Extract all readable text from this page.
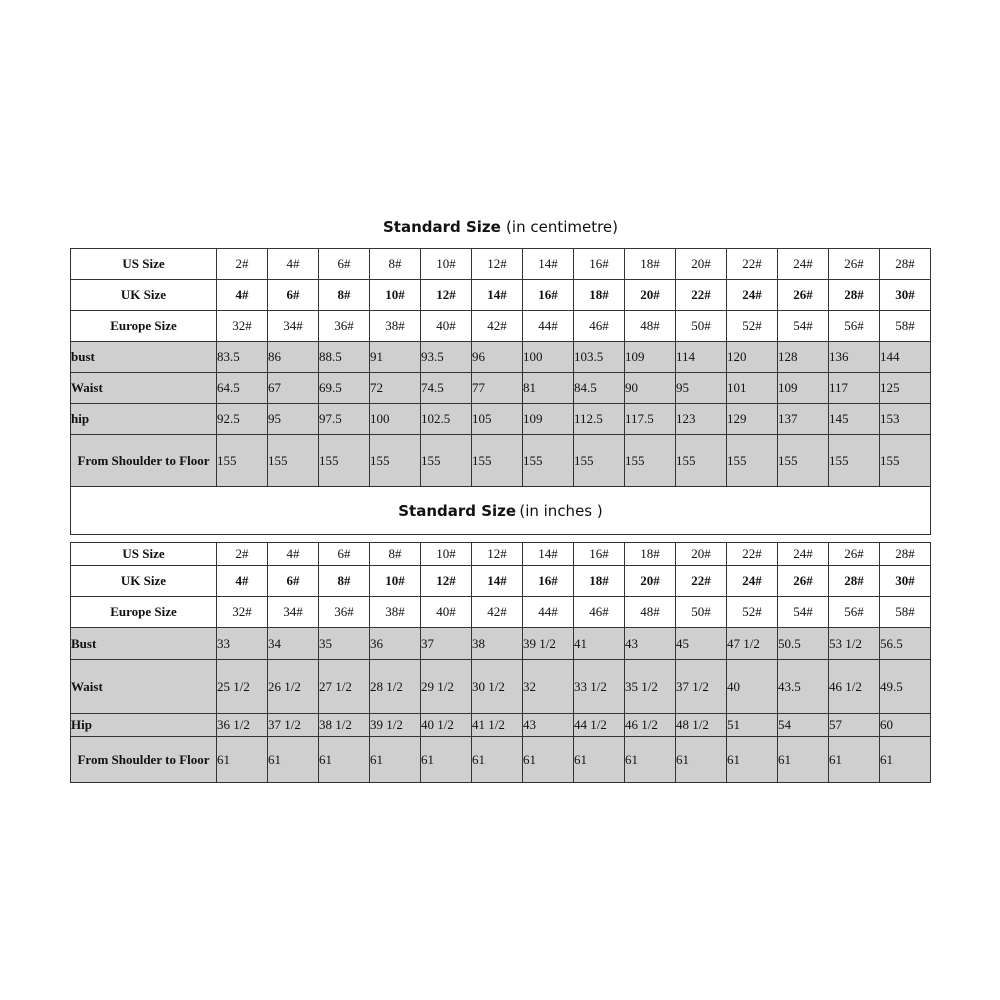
Standard Size (in centimetre)
US Size	2#	4#	6#	8#	10#	12#	14#	16#	18#	20#	22#	24#	26#	28#
UK Size	4#	6#	8#	10#	12#	14#	16#	18#	20#	22#	24#	26#	28#	30#
Europe Size	32#	34#	36#	38#	40#	42#	44#	46#	48#	50#	52#	54#	56#	58#
bust	83.5	86	88.5	91	93.5	96	100	103.5	109	114	120	128	136	144
Waist	64.5	67	69.5	72	74.5	77	81	84.5	90	95	101	109	117	125
hip	92.5	95	97.5	100	102.5	105	109	112.5	117.5	123	129	137	145	153
From Shoulder to Floor	155	155	155	155	155	155	155	155	155	155	155	155	155	155
Standard Size (in inches )														
US Size	2#	4#	6#	8#	10#	12#	14#	16#	18#	20#	22#	24#	26#	28#
UK Size	4#	6#	8#	10#	12#	14#	16#	18#	20#	22#	24#	26#	28#	30#
Europe Size	32#	34#	36#	38#	40#	42#	44#	46#	48#	50#	52#	54#	56#	58#
Bust	33	34	35	36	37	38	39 1/2	41	43	45	47 1/2	50.5	53 1/2	56.5
Waist	25 1/2	26 1/2	27 1/2	28 1/2	29 1/2	30 1/2	32	33 1/2	35 1/2	37 1/2	40	43.5	46 1/2	49.5
Hip	36 1/2	37 1/2	38 1/2	39 1/2	40 1/2	41 1/2	43	44 1/2	46 1/2	48 1/2	51	54	57	60
From Shoulder to Floor	61	61	61	61	61	61	61	61	61	61	61	61	61	61
